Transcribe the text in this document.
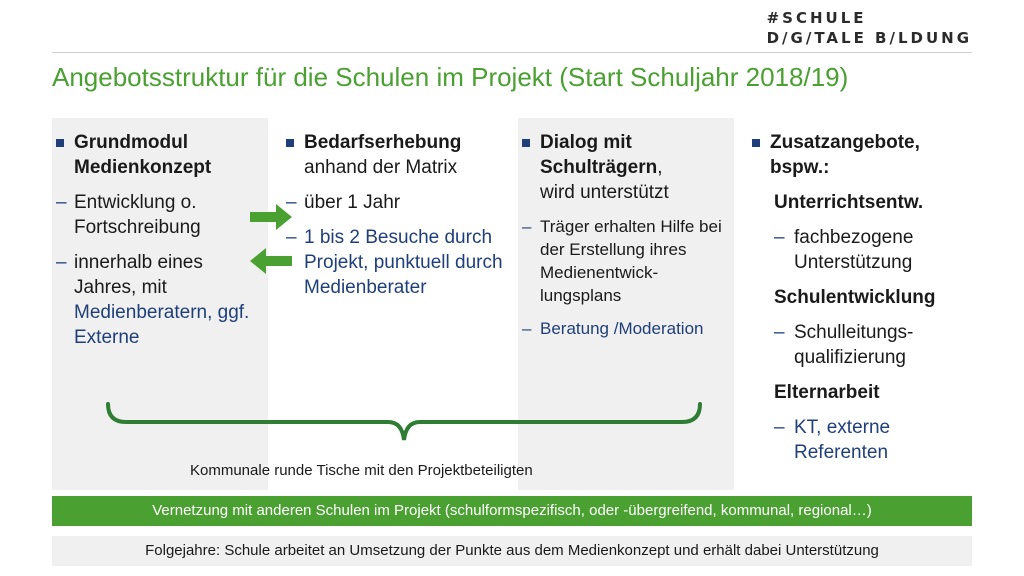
#SCHULE
D/G/TALE B/LDUNG
Angebotsstruktur für die Schulen im Projekt (Start Schuljahr 2018/19)
Grundmodul Medienkonzept
– Entwicklung o. Fortschreibung
– innerhalb eines Jahres, mit Medienberatern, ggf. Externe
Bedarfserhebung
anhand der Matrix
– über 1 Jahr
– 1 bis 2 Besuche durch Projekt, punktuell durch Medienberater
Dialog mit Schulträgern,
wird unterstützt
– Träger erhalten Hilfe bei der Erstellung ihres Medienentwick-lungsplans
– Beratung /Moderation
Zusatzangebote, bspw.:
Unterrichtsentw.
– fachbezogene Unterstützung
Schulentwicklung
– Schulleitungs-qualifizierung
Elternarbeit
– KT, externe Referenten
Kommunale runde Tische mit den Projektbeteiligten
Vernetzung mit anderen Schulen im Projekt (schulformspezifisch, oder -übergreifend, kommunal, regional…)
Folgejahre: Schule arbeitet an Umsetzung der Punkte aus dem Medienkonzept und erhält dabei Unterstützung
